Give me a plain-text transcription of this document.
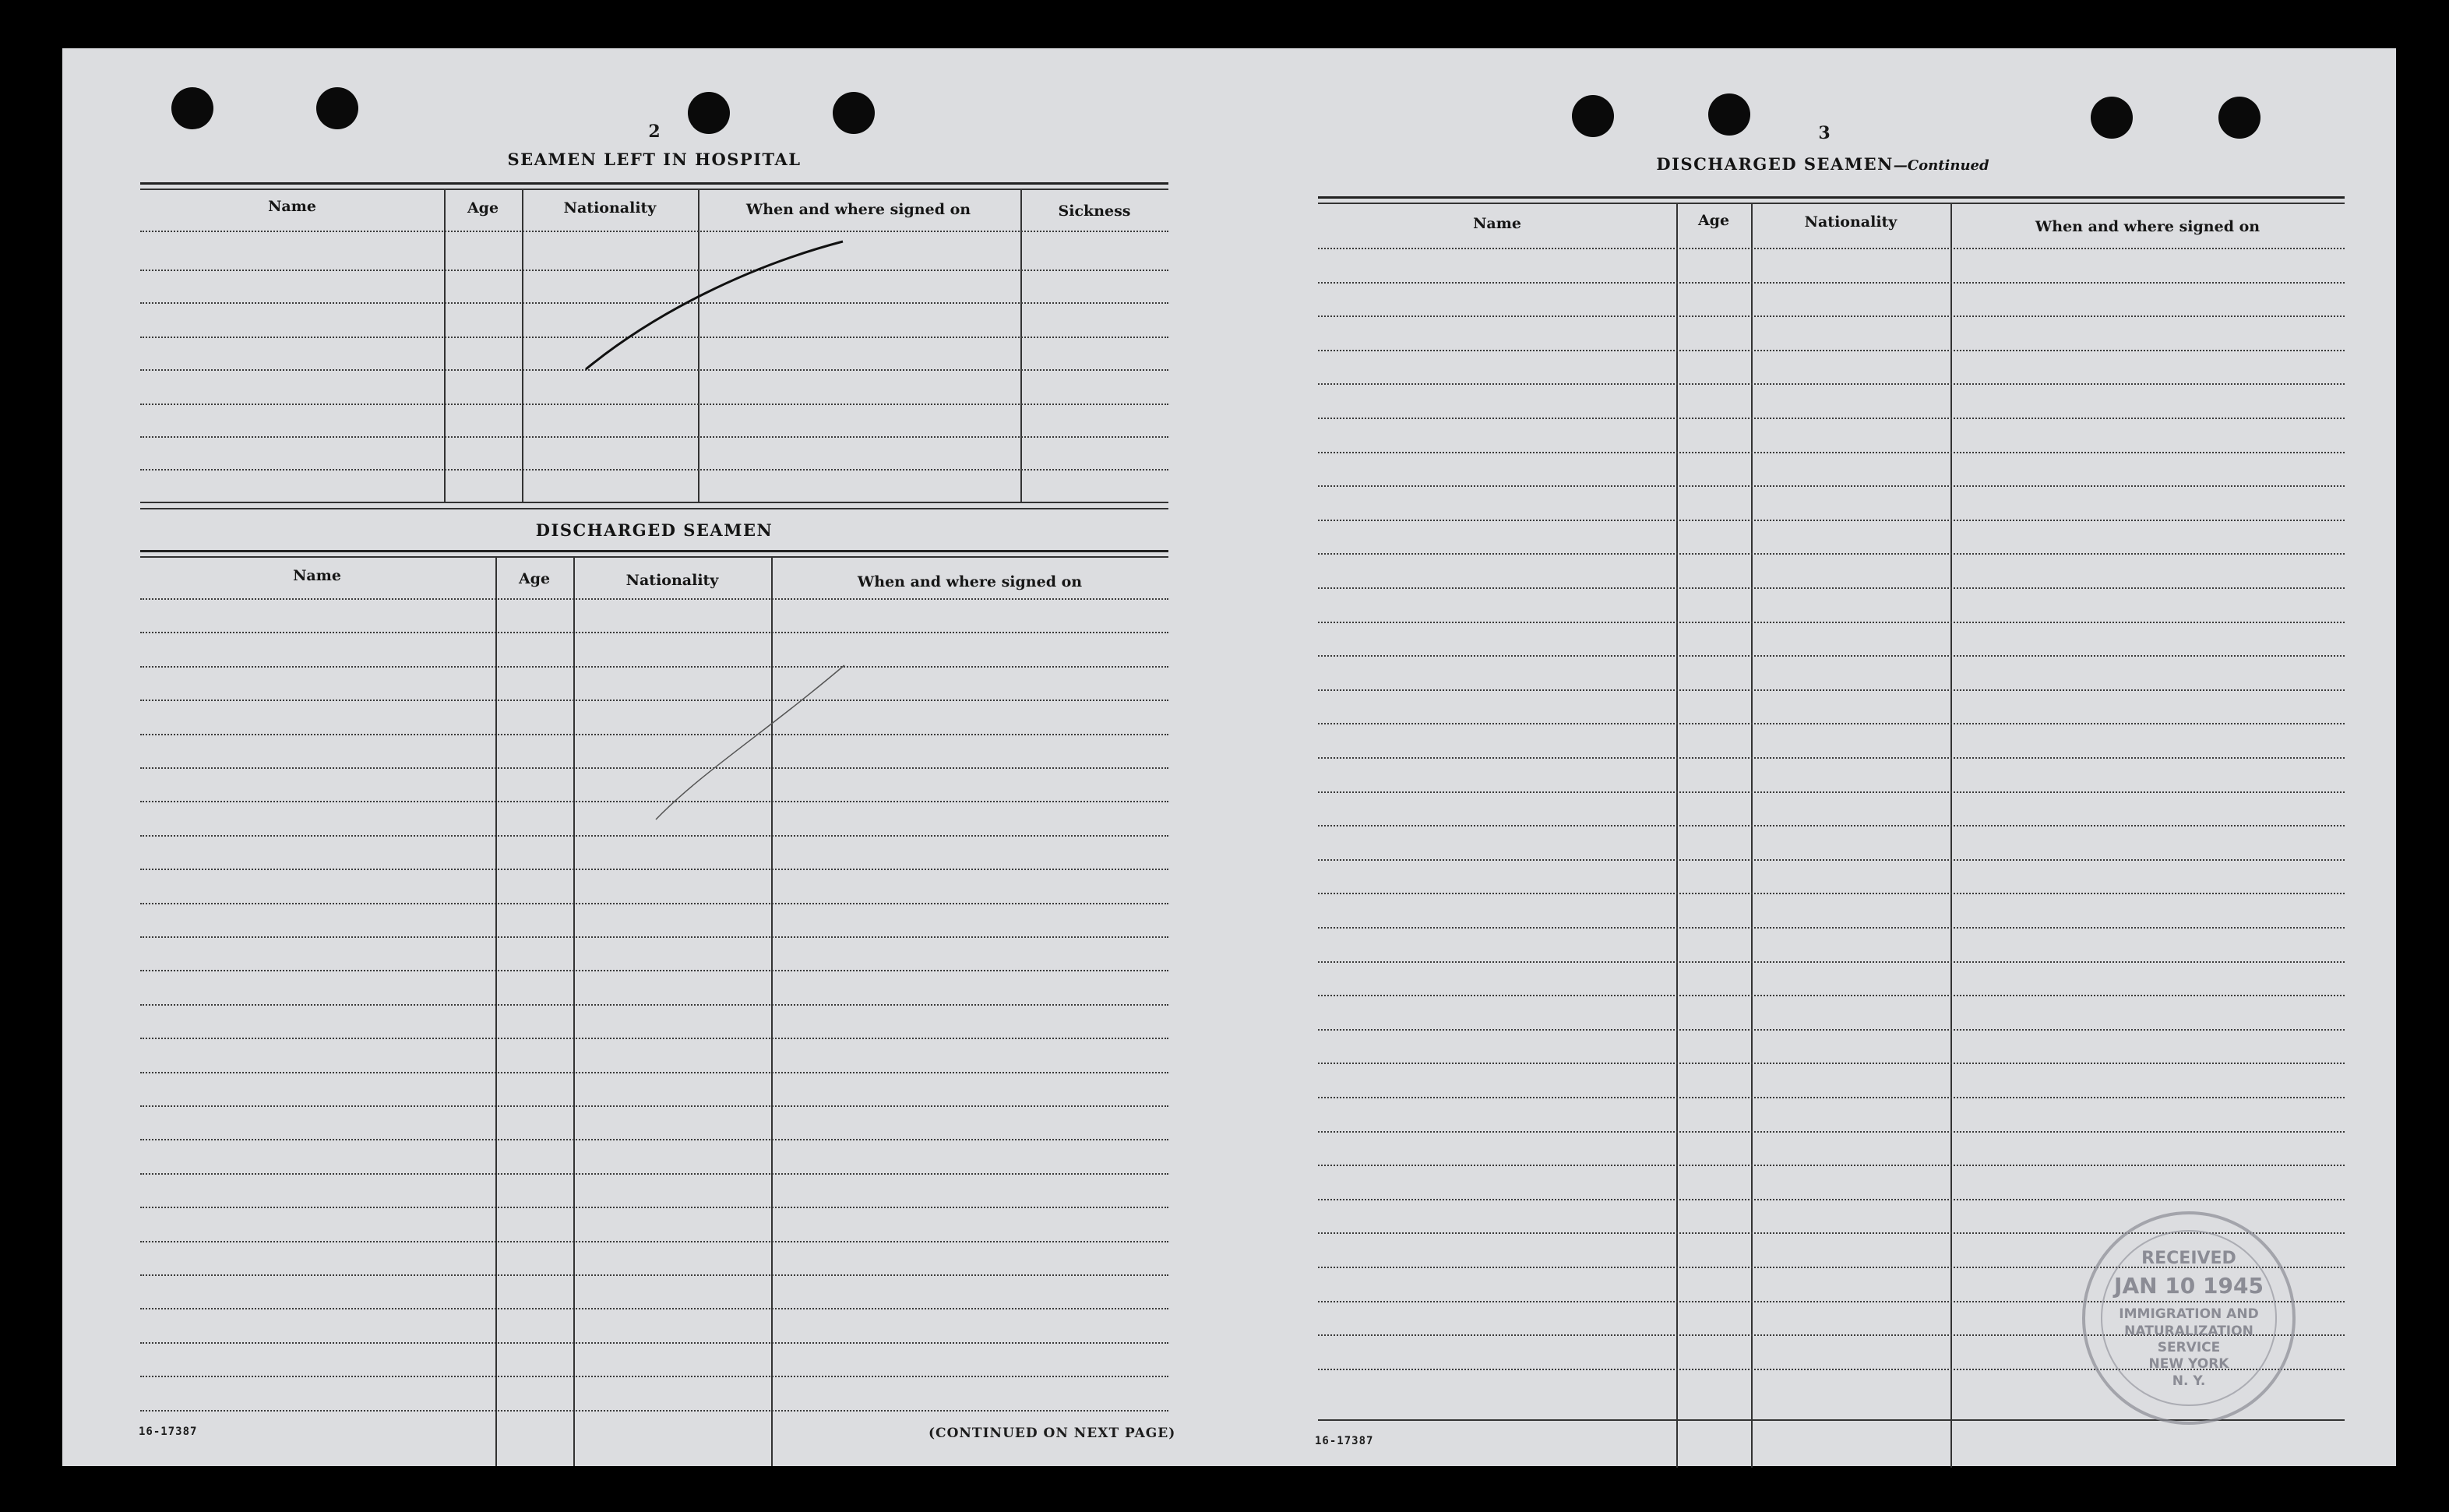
2
SEAMEN LEFT IN HOSPITAL
Name	Age	Nationality	When and where signed on	Sickness
DISCHARGED SEAMEN
Name	Age	Nationality	When and where signed on
16-17387	(CONTINUED ON NEXT PAGE)
3
DISCHARGED SEAMEN—Continued
Name	Age	Nationality	When and where signed on
16-17387
RECEIVED
JAN 10 1945
IMMIGRATION AND
NATURALIZATION
SERVICE
NEW YORK
N. Y.
